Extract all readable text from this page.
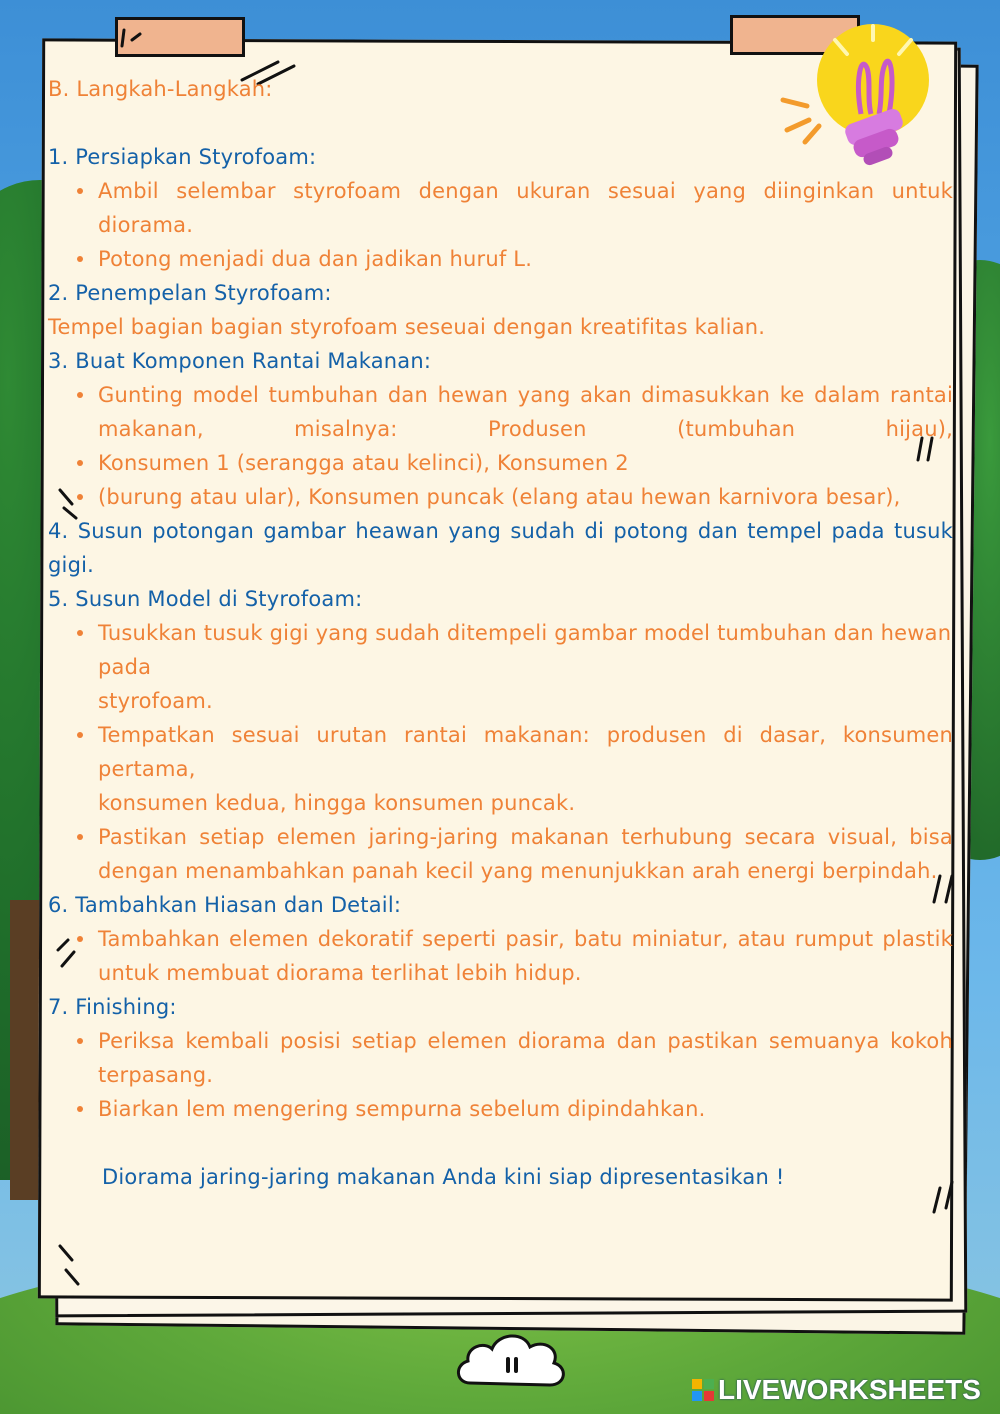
B. Langkah-Langkah:
1. Persiapkan Styrofoam:
Ambil selembar styrofoam dengan ukuran sesuai yang diinginkan untuk diorama.
Potong menjadi dua dan jadikan huruf L.
2. Penempelan Styrofoam:
Tempel bagian bagian styrofoam seseuai dengan kreatifitas kalian.
3. Buat Komponen Rantai Makanan:
Gunting model tumbuhan dan hewan yang akan dimasukkan ke dalam rantai makanan, misalnya: Produsen (tumbuhan hijau),
Konsumen 1 (serangga atau kelinci), Konsumen 2
(burung atau ular), Konsumen puncak (elang atau hewan karnivora besar),
4. Susun potongan gambar heawan yang sudah di potong dan tempel pada tusuk gigi.
5. Susun Model di Styrofoam:
Tusukkan tusuk gigi yang sudah ditempeli gambar model tumbuhan dan hewan pada
styrofoam.
Tempatkan sesuai urutan rantai makanan: produsen di dasar, konsumen pertama,
konsumen kedua, hingga konsumen puncak.
Pastikan setiap elemen jaring-jaring makanan terhubung secara visual, bisa dengan menambahkan panah kecil yang menunjukkan arah energi berpindah.
6. Tambahkan Hiasan dan Detail:
Tambahkan elemen dekoratif seperti pasir, batu miniatur, atau rumput plastik untuk membuat diorama terlihat lebih hidup.
7. Finishing:
Periksa kembali posisi setiap elemen diorama dan pastikan semuanya kokoh terpasang.
Biarkan lem mengering sempurna sebelum dipindahkan.
Diorama jaring-jaring makanan Anda kini siap dipresentasikan !
LIVEWORKSHEETS
